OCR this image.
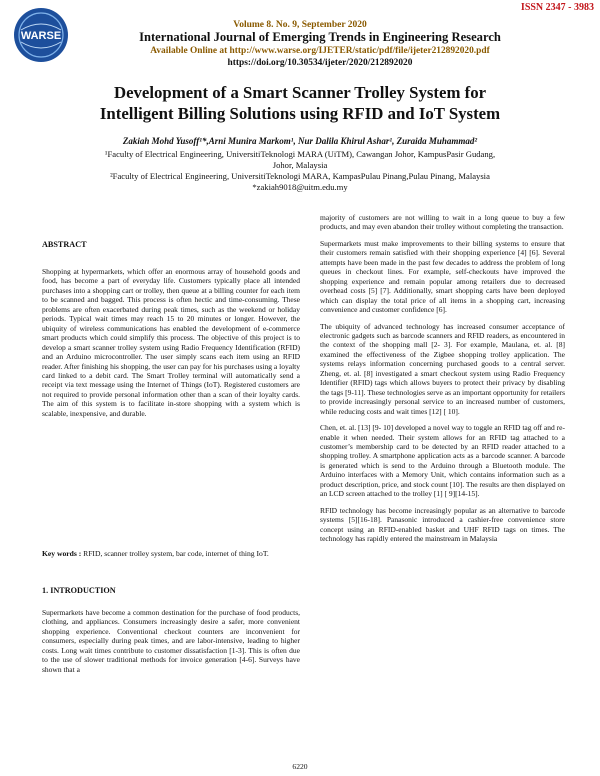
WARSE
ISSN 2347 - 3983
Volume 8. No. 9, September 2020
International Journal of Emerging Trends in Engineering Research
Available Online at http://www.warse.org/IJETER/static/pdf/file/ijeter212892020.pdf
https://doi.org/10.30534/ijeter/2020/212892020
Development of a Smart Scanner Trolley System for
Intelligent Billing Solutions using RFID and IoT System
Zakiah Mohd Yusoff¹*,Arni Munira Markom¹, Nur Dalila Khirul Ashar¹, Zuraida Muhammad²
¹Faculty of Electrical Engineering, UniversitiTeknologi MARA (UiTM), Cawangan Johor, KampusPasir Gudang,
Johor, Malaysia
²Faculty of Electrical Engineering, UniversitiTeknologi MARA, KampasPulau Pinang,Pulau Pinang, Malaysia
*zakiah9018@uitm.edu.my
ABSTRACT

Shopping at hypermarkets, which offer an enormous array of household goods and food, has become a part of everyday life. Customers typically place all intended purchases into a shopping cart or trolley, then queue at a billing counter for each item to be scanned and bagged. This process is often hectic and time-consuming. These problems are often exacerbated during peak times, such as the weekend or holiday periods. Typical wait times may reach 15 to 20 minutes or longer. However, the ubiquity of wireless communications has enabled the development of e-commerce smart products which could simplify this process. The objective of this project is to develop a smart scanner trolley system using Radio Frequency Identification (RFID) and an Arduino microcontroller. The user simply scans each item using an RFID reader. After finishing his shopping, the user can pay for his purchases using a loyalty card linked to a debit card. The Smart Trolley terminal will automatically send a receipt via text message using the Internet of Things (IoT). Registered customers are not required to provide personal information other than a scan of their loyalty cards. The aim of this system is to facilitate in-store shopping with a system which is scalable, inexpensive, and durable.

Key words : RFID, scanner trolley system, bar code, internet of thing IoT.
1. INTRODUCTION

Supermarkets have become a common destination for the purchase of food products, clothing, and appliances. Consumers increasingly desire a safer, more convenient shopping experience. Conventional checkout counters are inconvenient for consumers, especially during peak times, and are labor-intensive, leading to higher costs. Long wait times contribute to customer dissatisfaction [1-3]. This is often due to the use of slower traditional methods for invoice generation [4-6]. Surveys have shown that a

majority of customers are not willing to wait in a long queue to buy a few products, and may even abandon their trolley without completing the transaction.

Supermarkets must make improvements to their billing systems to ensure that their customers remain satisfied with their shopping experience [4] [6]. Several attempts have been made in the past few decades to address the problem of long queues in checkout lines. For example, self-checkouts have improved the shopping experience and remain popular among retailers due to decreased overhead costs [5] [7]. Additionally, smart shopping carts have been deployed which can display the total price of all items in a shopping cart, increasing convenience and customer confidence [6].

The ubiquity of advanced technology has increased consumer acceptance of electronic gadgets such as barcode scanners and RFID readers, as encountered in the context of the shopping mall [2- 3]. For example, Maulana, et. al. [8] examined the effectiveness of the Zigbee shopping trolley application. The systems relays information concerning purchased goods to a central server. Zheng, et. al. [8] investigated a smart checkout system using Radio Frequency Identifier (RFID) tags which allows buyers to protect their privacy by disabling the tags [9-11]. These technologies serve as an important opportunity for retailers to provide increasingly personal service to an increased number of customers, while reducing costs and wait times [12] [ 10].

Chen, et. al. [13] [9- 10] developed a novel way to toggle an RFID tag off and re-enable it when needed. Their system allows for an RFID tag attached to a customer’s membership card to be detected by an RFID reader attached to a shopping trolley. A smartphone application acts as a barcode scanner. A barcode is generated which is send to the Arduino through a Bluetooth module. The Arduino interfaces with a Memory Unit, which contains information such as a product description, price, and stock count [10]. The results are then displayed on an LCD screen attached to the trolley [1] [ 9][14-15].

RFID technology has become increasingly popular as an alternative to barcode systems [5][16-18]. Panasonic introduced a cashier-free convenience store concept using an RFID-enabled basket and UHF RFID tags on times. The technology has rapidly entered the mainstream in Malaysia

6220
